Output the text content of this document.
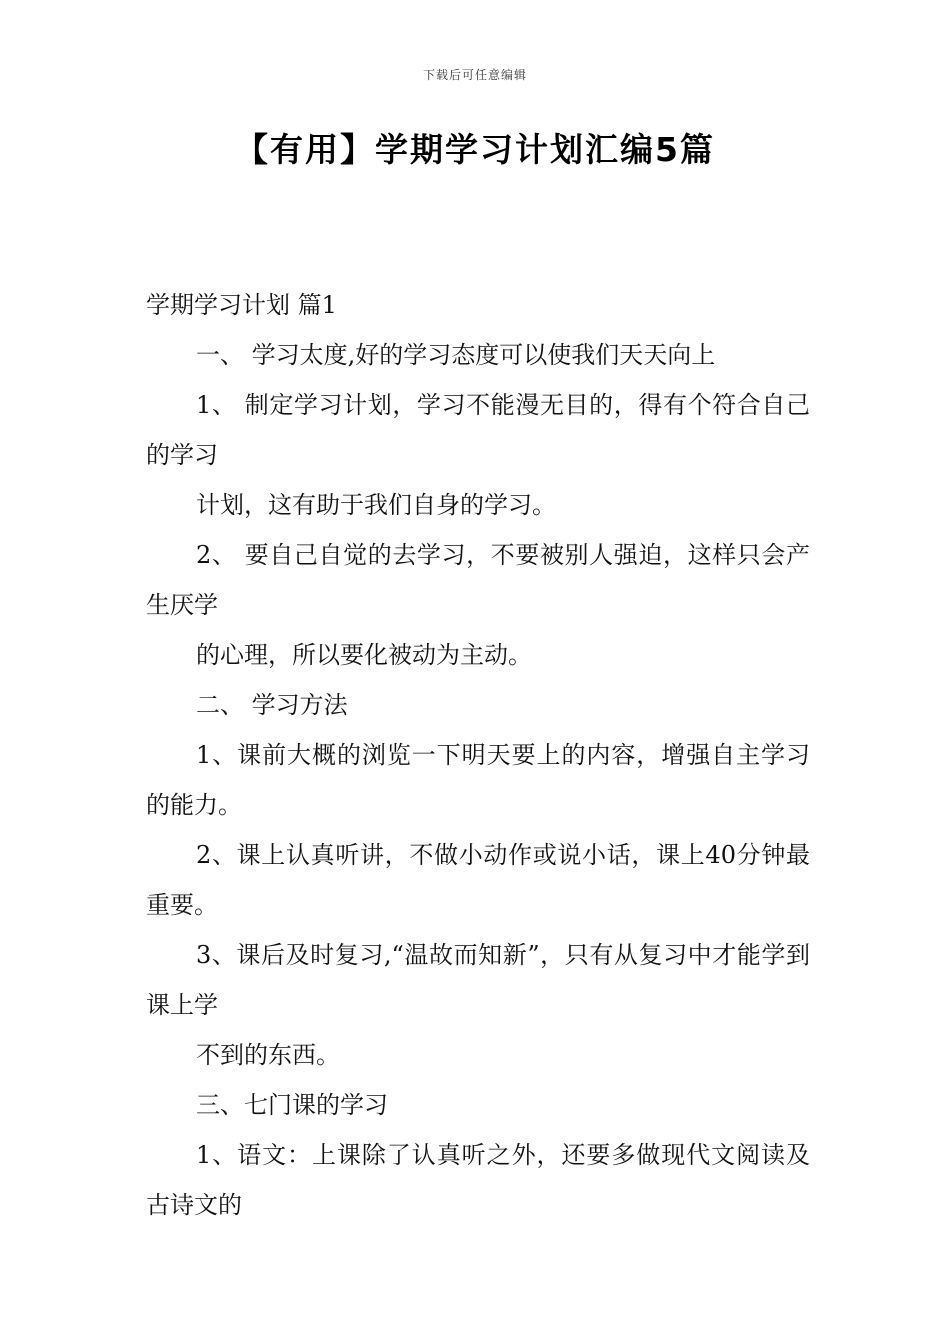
下载后可任意编辑
【有用】学期学习计划汇编5篇
学期学习计划 篇1
一、 学习太度,好的学习态度可以使我们天天向上
1、 制定学习计划，学习不能漫无目的，得有个符合自己的学习
计划，这有助于我们自身的学习。
2、 要自己自觉的去学习，不要被别人强迫，这样只会产生厌学
的心理，所以要化被动为主动。
二、 学习方法
1、课前大概的浏览一下明天要上的内容，增强自主学习的能力。
2、课上认真听讲，不做小动作或说小话，课上40分钟最重要。
3、课后及时复习,“温故而知新”，只有从复习中才能学到课上学
不到的东西。
三、七门课的学习
1、语文：上课除了认真听之外，还要多做现代文阅读及古诗文的
